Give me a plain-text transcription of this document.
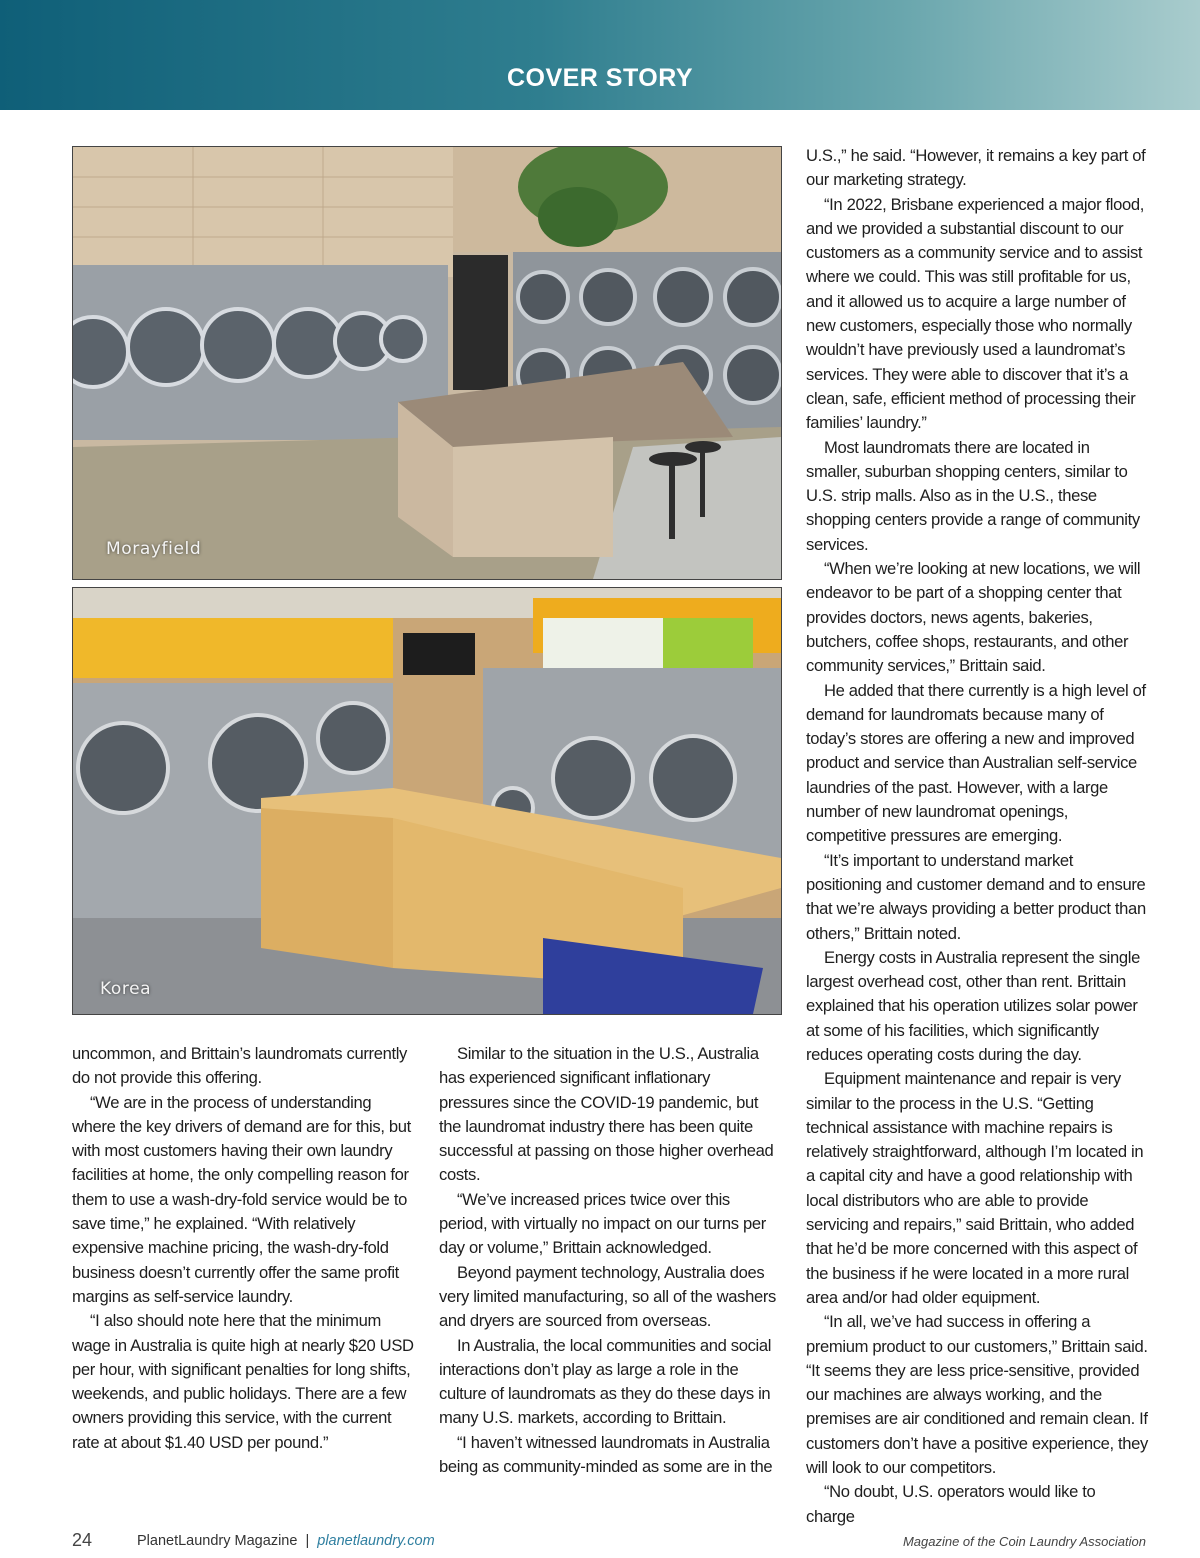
COVER STORY
Morayfield
Korea

uncommon, and Brittain’s laundromats currently do not provide this offering.

“We are in the process of understanding where the key drivers of demand are for this, but with most customers having their own laundry facilities at home, the only compelling reason for them to use a wash-dry-fold service would be to save time,” he explained. “With relatively expensive machine pricing, the wash-dry-fold business doesn’t currently offer the same profit margins as self-service laundry.

“I also should note here that the minimum wage in Australia is quite high at nearly $20 USD per hour, with significant penalties for long shifts, weekends, and public holidays. There are a few owners providing this service, with the current rate at about $1.40 USD per pound.”

Similar to the situation in the U.S., Australia has experienced significant inflationary pressures since the COVID-19 pandemic, but the laundromat industry there has been quite successful at passing on those higher overhead costs.

“We’ve increased prices twice over this period, with virtually no impact on our turns per day or volume,” Brittain acknowledged.

Beyond payment technology, Australia does very limited manufacturing, so all of the washers and dryers are sourced from overseas.

In Australia, the local communities and social interactions don’t play as large a role in the culture of laundromats as they do these days in many U.S. markets, according to Brittain.

“I haven’t witnessed laundromats in Australia being as community-minded as some are in the

U.S.,” he said. “However, it remains a key part of our marketing strategy.

“In 2022, Brisbane experienced a major flood, and we provided a substantial discount to our customers as a community service and to assist where we could. This was still profitable for us, and it allowed us to acquire a large number of new customers, especially those who normally wouldn’t have previously used a laundromat’s services. They were able to discover that it’s a clean, safe, efficient method of processing their families’ laundry.”

Most laundromats there are located in smaller, suburban shopping centers, similar to U.S. strip malls. Also as in the U.S., these shopping centers provide a range of community services.

“When we’re looking at new locations, we will endeavor to be part of a shopping center that provides doctors, news agents, bakeries, butchers, coffee shops, restaurants, and other community services,” Brittain said.

He added that there currently is a high level of demand for laundromats because many of today’s stores are offering a new and improved product and service than Australian self-service laundries of the past. However, with a large number of new laundromat openings, competitive pressures are emerging.

“It’s important to understand market positioning and customer demand and to ensure that we’re always providing a better product than others,” Brittain noted.

Energy costs in Australia represent the single largest overhead cost, other than rent. Brittain explained that his operation utilizes solar power at some of his facilities, which significantly reduces operating costs during the day.

Equipment maintenance and repair is very similar to the process in the U.S. “Getting technical assistance with machine repairs is relatively straightforward, although I’m located in a capital city and have a good relationship with local distributors who are able to provide servicing and repairs,” said Brittain, who added that he’d be more concerned with this aspect of the business if he were located in a more rural area and/or had older equipment.

“In all, we’ve had success in offering a premium product to our customers,” Brittain said. “It seems they are less price-sensitive, provided our machines are always working, and the premises are air conditioned and remain clean. If customers don’t have a positive experience, they will look to our competitors.

“No doubt, U.S. operators would like to charge

24	PlanetLaundry Magazine | planetlaundry.com	Magazine of the Coin Laundry Association
